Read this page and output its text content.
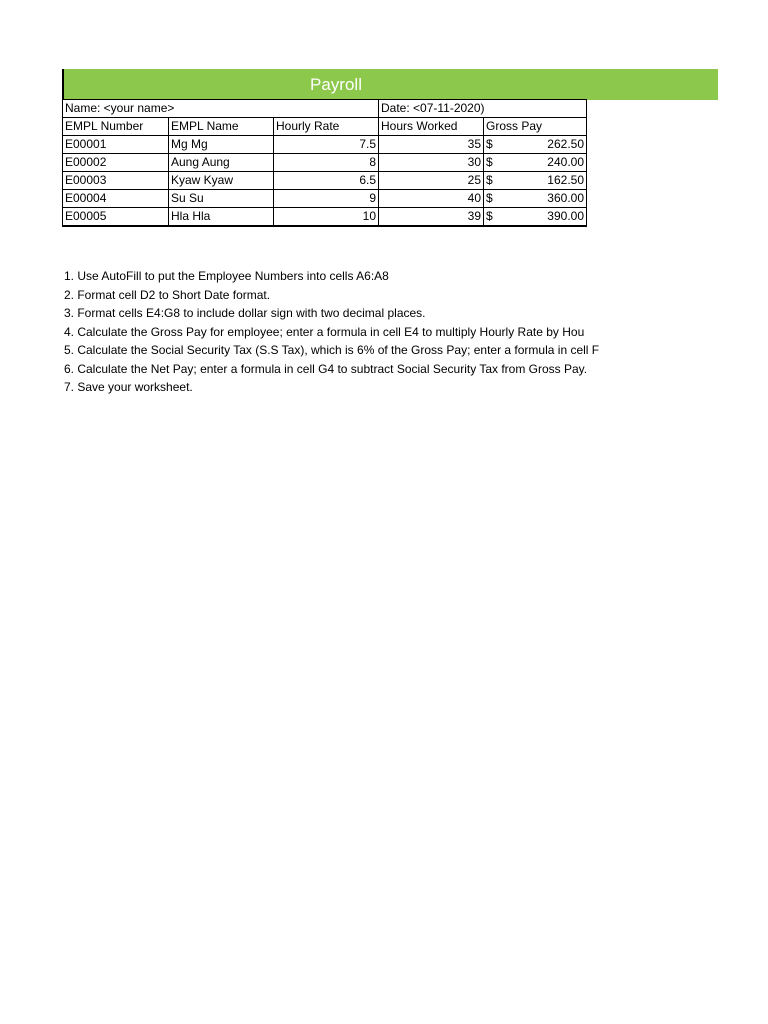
Payroll
Name: <your name>			Date: <07-11-2020)	
EMPL Number	EMPL Name	Hourly Rate	Hours Worked	Gross Pay
E00001	Mg Mg	7.5	35	$ 262.50

E00002	Aung Aung	8	30	$ 240.00

E00003	Kyaw Kyaw	6.5	25	$ 162.50

E00004	Su Su	9	40	$ 360.00

E00005	Hla Hla	10	39	$ 390.00
1. Use AutoFill to put the Employee Numbers into cells A6:A8
2. Format cell D2 to Short Date format.
3. Format cells E4:G8 to include dollar sign with two decimal places.
4. Calculate the Gross Pay for employee; enter a formula in cell E4 to multiply Hourly Rate by Hou
5. Calculate the Social Security Tax (S.S Tax), which is 6% of the Gross Pay; enter a formula in cell F
6. Calculate the Net Pay; enter a formula in cell G4 to subtract Social Security Tax from Gross Pay.
7. Save your worksheet.
